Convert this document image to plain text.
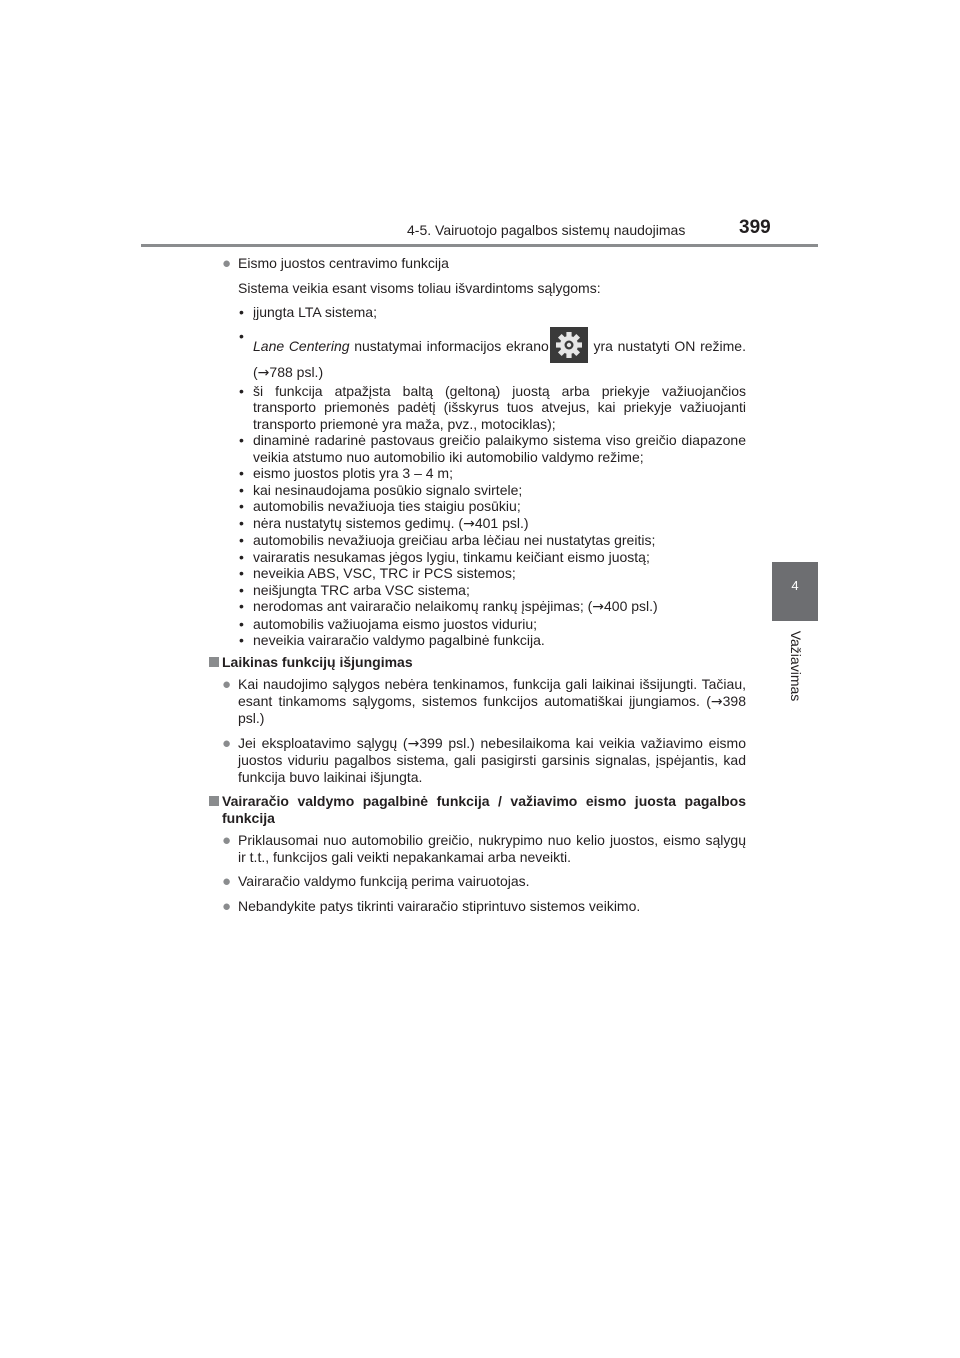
4-5. Vairuotojo pagalbos sistemų naudojimas	399
4
Važiavimas
● Eismo juostos centravimo funkcija
Sistema veikia esant visoms toliau išvardintoms sąlygoms:
• įjungta LTA sistema;
•
Lane Centering nustatymai informacijos ekrano	yra nustatyti ON režime. (→788 psl.)
• ši funkcija atpažįsta baltą (geltoną) juostą arba priekyje važiuojančios transporto priemonės padėtį (išskyrus tuos atvejus, kai priekyje važiuojanti transporto priemonė yra maža, pvz., motociklas);
• dinaminė radarinė pastovaus greičio palaikymo sistema viso greičio diapazone veikia atstumo nuo automobilio iki automobilio valdymo režime;
• eismo juostos plotis yra 3 – 4 m;
• kai nesinaudojama posūkio signalo svirtele;
• automobilis nevažiuoja ties staigiu posūkiu;
• nėra nustatytų sistemos gedimų. (→401 psl.)
• automobilis nevažiuoja greičiau arba lėčiau nei nustatytas greitis;
• vairaratis nesukamas jėgos lygiu, tinkamu keičiant eismo juostą;
• neveikia ABS, VSC, TRC ir PCS sistemos;
• neišjungta TRC arba VSC sistema;
• nerodomas ant vairaračio nelaikomų rankų įspėjimas; (→400 psl.)
• automobilis važiuojama eismo juostos viduriu;
• neveikia vairaračio valdymo pagalbinė funkcija.
Laikinas funkcijų išjungimas
● Kai naudojimo sąlygos nebėra tenkinamos, funkcija gali laikinai išsijungti. Tačiau, esant tinkamoms sąlygoms, sistemos funkcijos automatiškai įjungiamos. (→398 psl.)
● Jei eksploatavimo sąlygų (→399 psl.) nebesilaikoma kai veikia važiavimo eismo juostos viduriu pagalbos sistema, gali pasigirsti garsinis signalas, įspėjantis, kad funkcija buvo laikinai išjungta.
Vairaračio valdymo pagalbinė funkcija / važiavimo eismo juosta pagalbos funkcija
● Priklausomai nuo automobilio greičio, nukrypimo nuo kelio juostos, eismo sąlygų ir t.t., funkcijos gali veikti nepakankamai arba neveikti.
● Vairaračio valdymo funkciją perima vairuotojas.
● Nebandykite patys tikrinti vairaračio stiprintuvo sistemos veikimo.
